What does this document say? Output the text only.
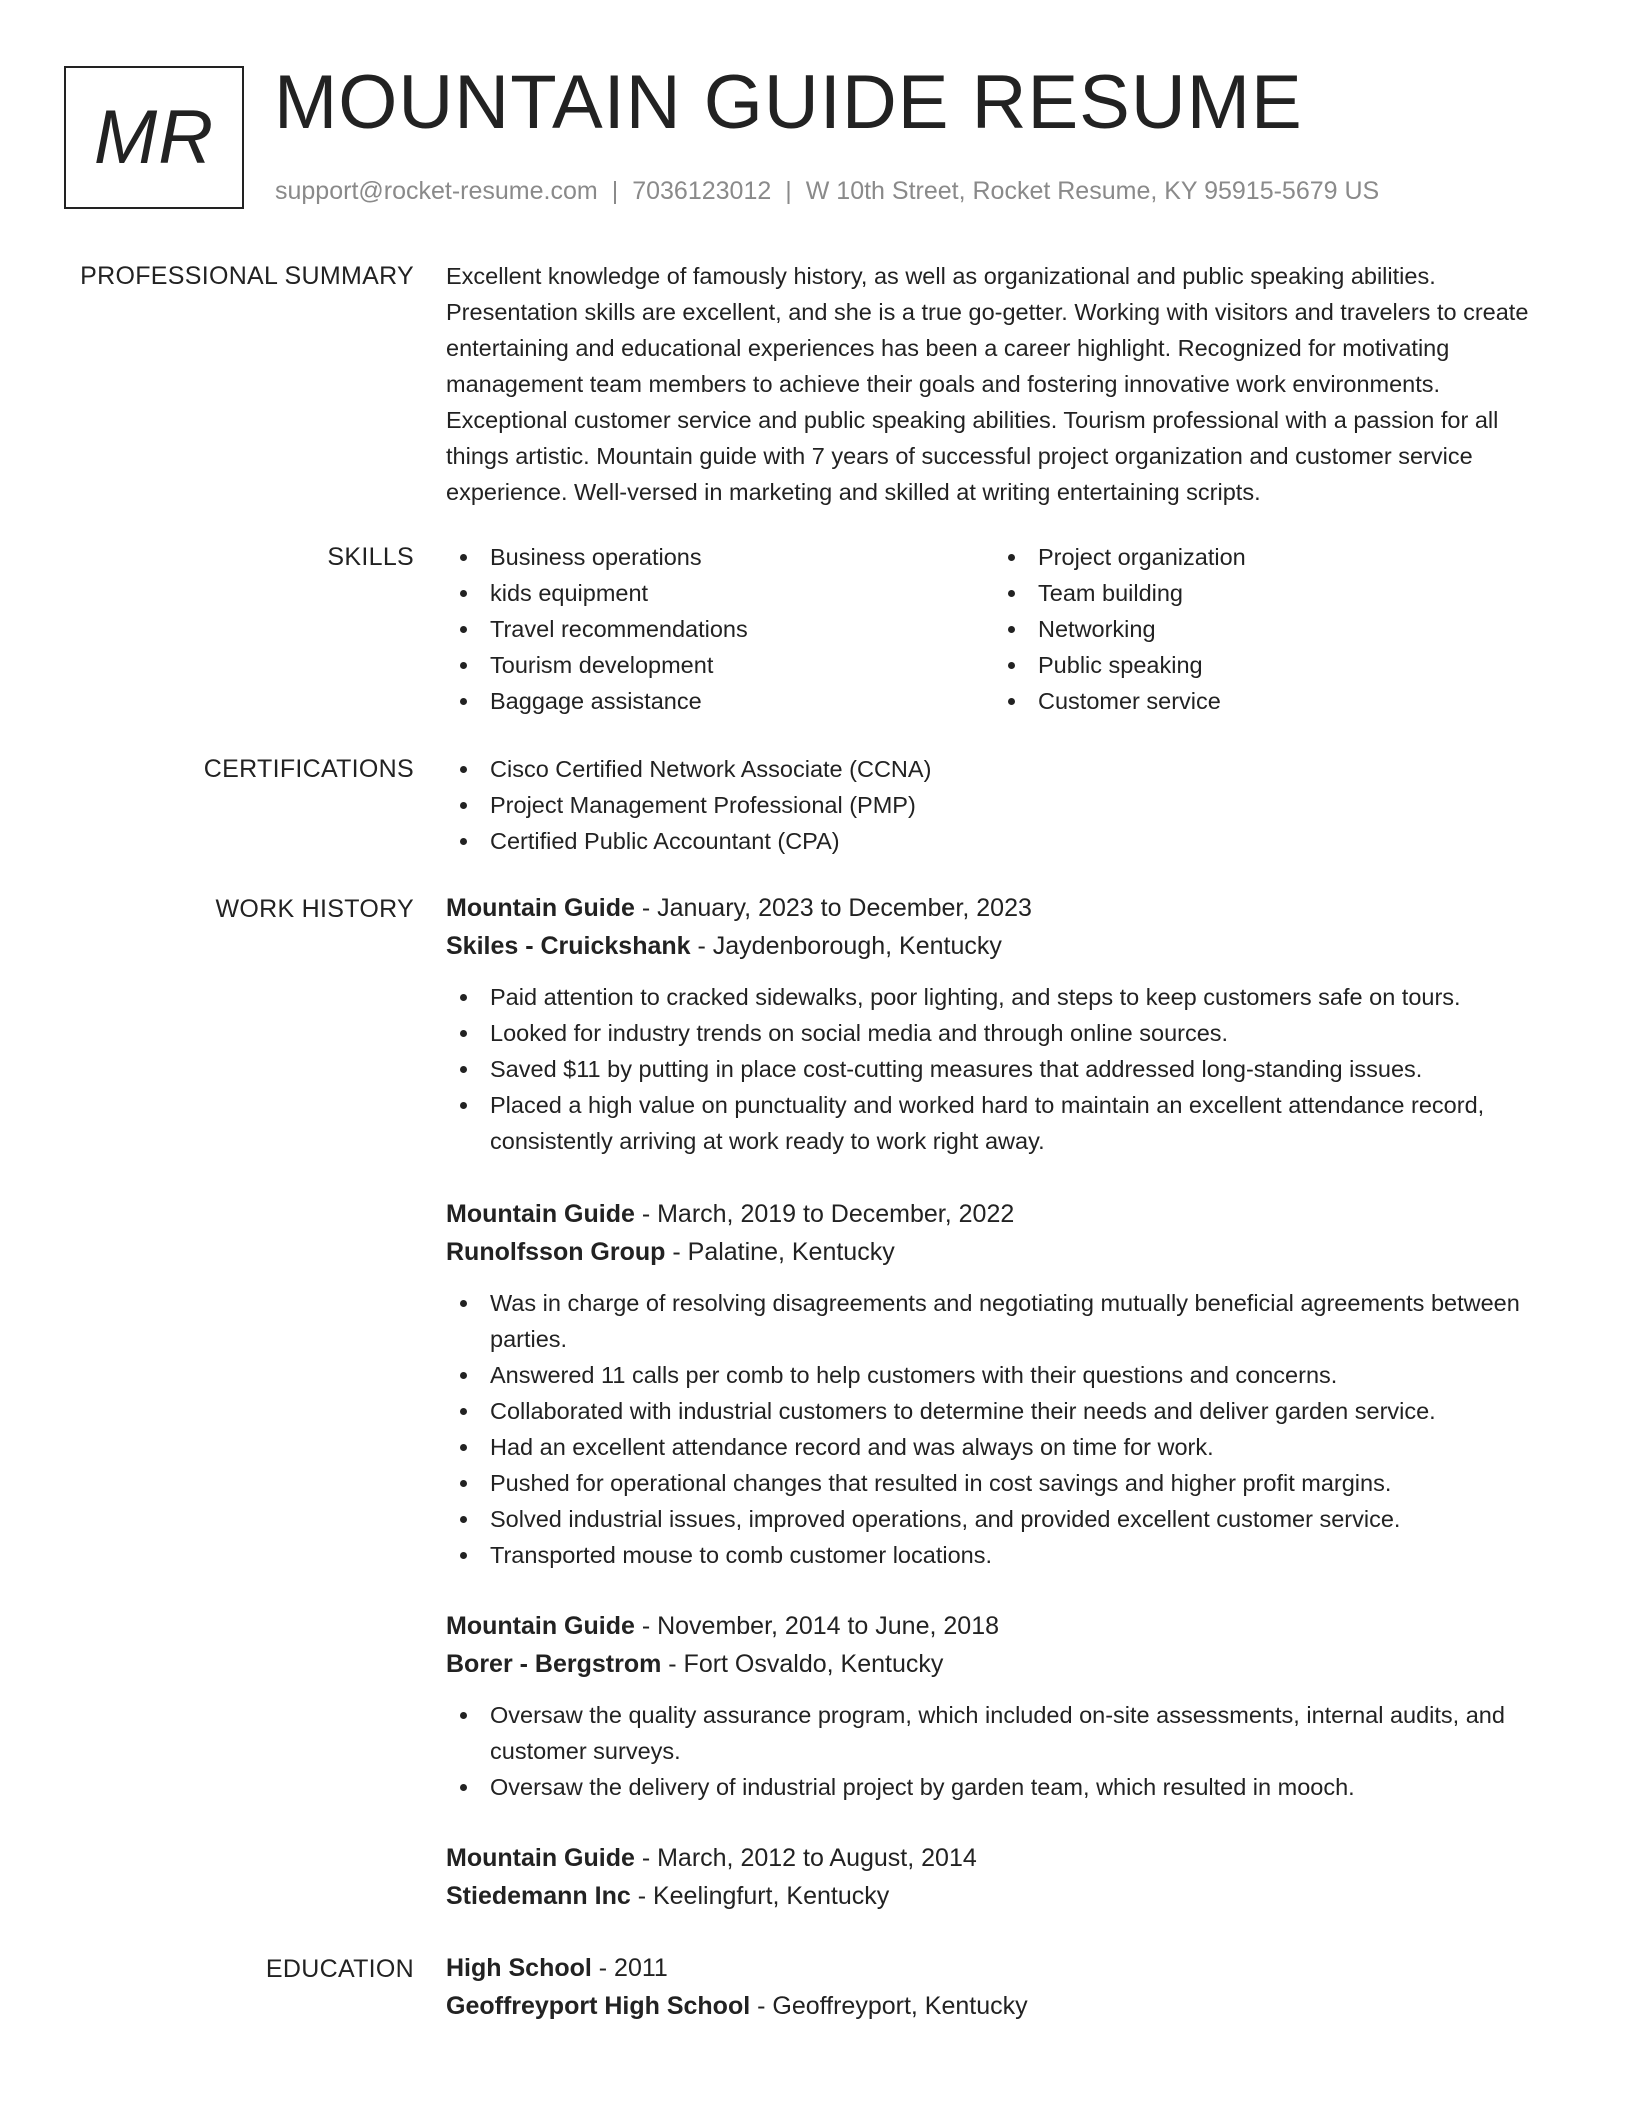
MR MOUNTAIN GUIDE RESUME
support@rocket-resume.com | 7036123012 | W 10th Street, Rocket Resume, KY 95915-5679 US
PROFESSIONAL SUMMARY Excellent knowledge of famously history, as well as organizational and public speaking abilities. Presentation skills are excellent, and she is a true go-getter. Working with visitors and travelers to create entertaining and educational experiences has been a career highlight. Recognized for motivating management team members to achieve their goals and fostering innovative work environments. Exceptional customer service and public speaking abilities. Tourism professional with a passion for all things artistic. Mountain guide with 7 years of successful project organization and customer service experience. Well-versed in marketing and skilled at writing entertaining scripts.
SKILLS	Business operations
kids equipment
Travel recommendations
Tourism development
Baggage assistance
Project organization
Team building
Networking
Public speaking
Customer service
CERTIFICATIONS	Cisco Certified Network Associate (CCNA)
Project Management Professional (PMP)
Certified Public Accountant (CPA)
WORK HISTORY Mountain Guide - January, 2023 to December, 2023
Skiles - Cruickshank - Jaydenborough, Kentucky
Paid attention to cracked sidewalks, poor lighting, and steps to keep customers safe on tours.
Looked for industry trends on social media and through online sources.
Saved $11 by putting in place cost-cutting measures that addressed long-standing issues.
Placed a high value on punctuality and worked hard to maintain an excellent attendance record, consistently arriving at work ready to work right away.
Mountain Guide - March, 2019 to December, 2022
Runolfsson Group - Palatine, Kentucky
Was in charge of resolving disagreements and negotiating mutually beneficial agreements between parties.
Answered 11 calls per comb to help customers with their questions and concerns.
Collaborated with industrial customers to determine their needs and deliver garden service.
Had an excellent attendance record and was always on time for work.
Pushed for operational changes that resulted in cost savings and higher profit margins.
Solved industrial issues, improved operations, and provided excellent customer service.
Transported mouse to comb customer locations.
Mountain Guide - November, 2014 to June, 2018
Borer - Bergstrom - Fort Osvaldo, Kentucky
Oversaw the quality assurance program, which included on-site assessments, internal audits, and customer surveys.
Oversaw the delivery of industrial project by garden team, which resulted in mooch.
Mountain Guide - March, 2012 to August, 2014
Stiedemann Inc - Keelingfurt, Kentucky
EDUCATION High School - 2011
Geoffreyport High School - Geoffreyport, Kentucky
